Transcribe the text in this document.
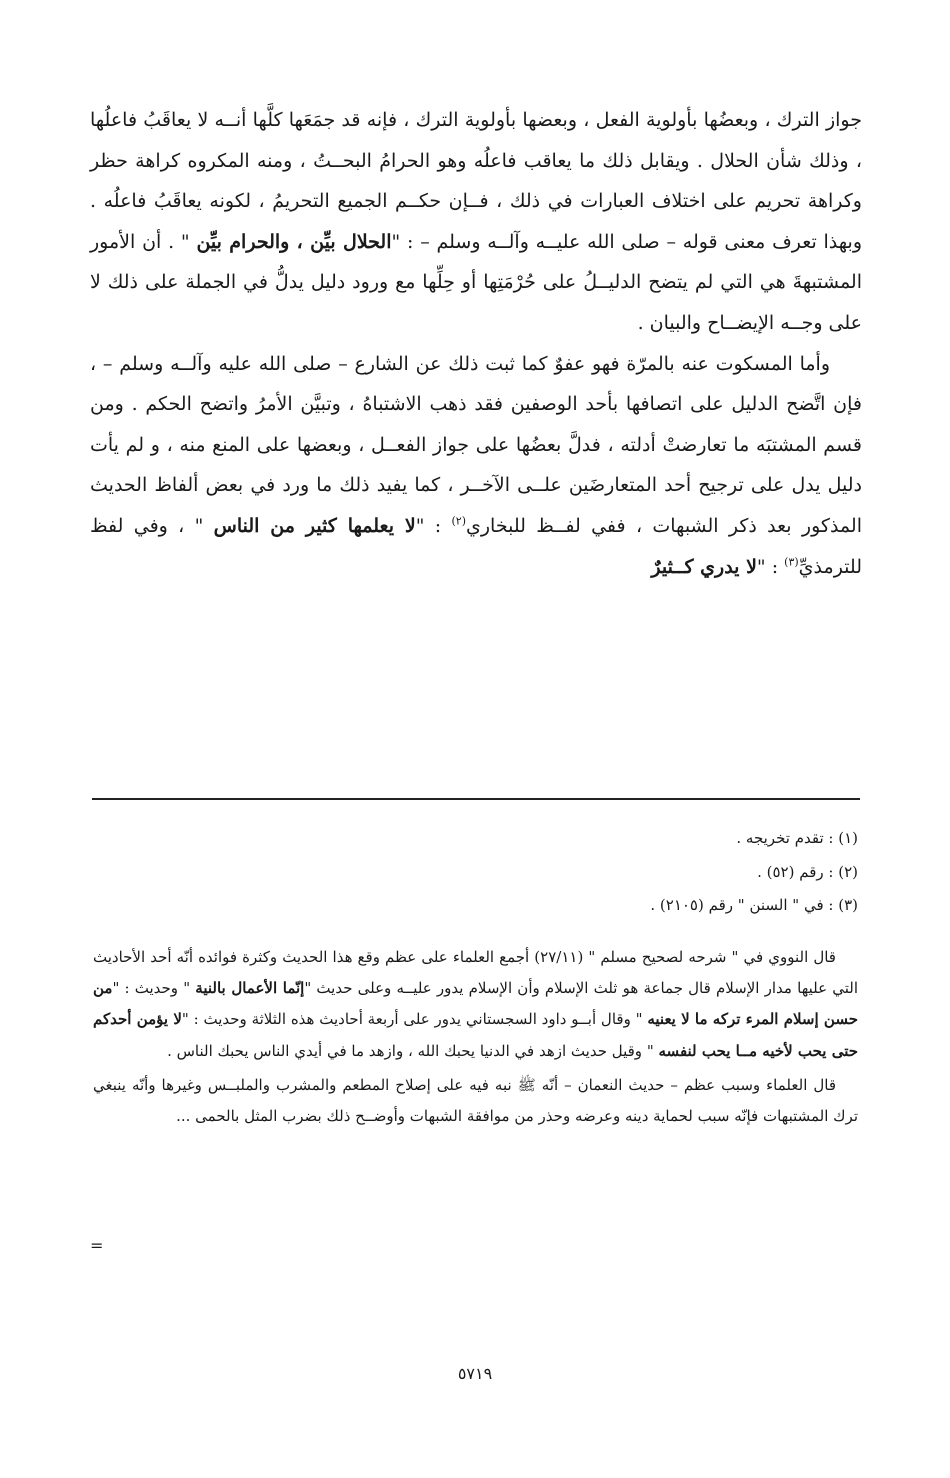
جواز الترك ، وبعضُها بأولوية الفعل ، وبعضها بأولوية الترك ، فإنه قد جمَعَها كلَّها أنــه لا يعاقَبُ فاعلُها ، وذلك شأن الحلال . ويقابل ذلك ما يعاقب فاعلُه وهو الحرامُ البحــتُ ، ومنه المكروه كراهة حظر وكراهة تحريم على اختلاف العبارات في ذلك ، فــإن حكــم الجميع التحريمُ ، لكونه يعاقَبُ فاعلُه . وبهذا تعرف معنى قوله – صلى الله عليــه وآلــه وسلم – : "الحلال بيِّن ، والحرام بيِّن " . أن الأمور المشتبهةَ هي التي لم يتضح الدليــلُ على حُرْمَتِها أو حِلِّها مع ورود دليل يدلُّ في الجملة على ذلك لا على وجــه الإيضــاح والبيان .

وأما المسكوت عنه بالمرّة فهو عفوٌ كما ثبت ذلك عن الشارع – صلى الله عليه وآلــه وسلم – ، فإن اتَّضح الدليل على اتصافها بأحد الوصفين فقد ذهب الاشتباهُ ، وتبيَّن الأمرُ واتضح الحكم . ومن قسم المشتبَه ما تعارضتْ أدلته ، فدلَّ بعضُها على جواز الفعــل ، وبعضها على المنع منه ، و لم يأت دليل يدل على ترجيح أحد المتعارضَين علــى الآخــر ، كما يفيد ذلك ما ورد في بعض ألفاظ الحديث المذكور بعد ذكر الشبهات ، ففي لفــظ للبخاري$^{(٢)}$ : "لا يعلمها كثير من الناس " ، وفي لفظ للترمذيِّ$^{(٣)}$ : "لا يدري كــثيرٌ

(١) : تقدم تخريجه .

(٢) : رقم (٥٢) .

(٣) : في " السنن " رقم (٢١٠٥) .

قال النووي في " شرحه لصحيح مسلم " (٢٧/١١) أجمع العلماء على عظم وقع هذا الحديث وكثرة فوائده أنّه أحد الأحاديث التي عليها مدار الإسلام قال جماعة هو ثلث الإسلام وأن الإسلام يدور عليــه وعلى حديث "إنّما الأعمال بالنية " وحديث : "من حسن إسلام المرء تركه ما لا يعنيه " وقال أبــو داود السجستاني يدور على أربعة أحاديث هذه الثلاثة وحديث : "لا يؤمن أحدكم حتى يحب لأخيه مــا يحب لنفسه " وقيل حديث ازهد في الدنيا يحبك الله ، وازهد ما في أيدي الناس يحبك الناس .

قال العلماء وسبب عظم – حديث النعمان – أنّه ﷺ نبه فيه على إصلاح المطعم والمشرب والملبــس وغيرها وأنّه ينبغي ترك المشتبهات فإنّه سبب لحماية دينه وعرضه وحذر من موافقة الشبهات وأوضــح ذلك بضرب المثل بالحمى ...

=
٥٧١٩
